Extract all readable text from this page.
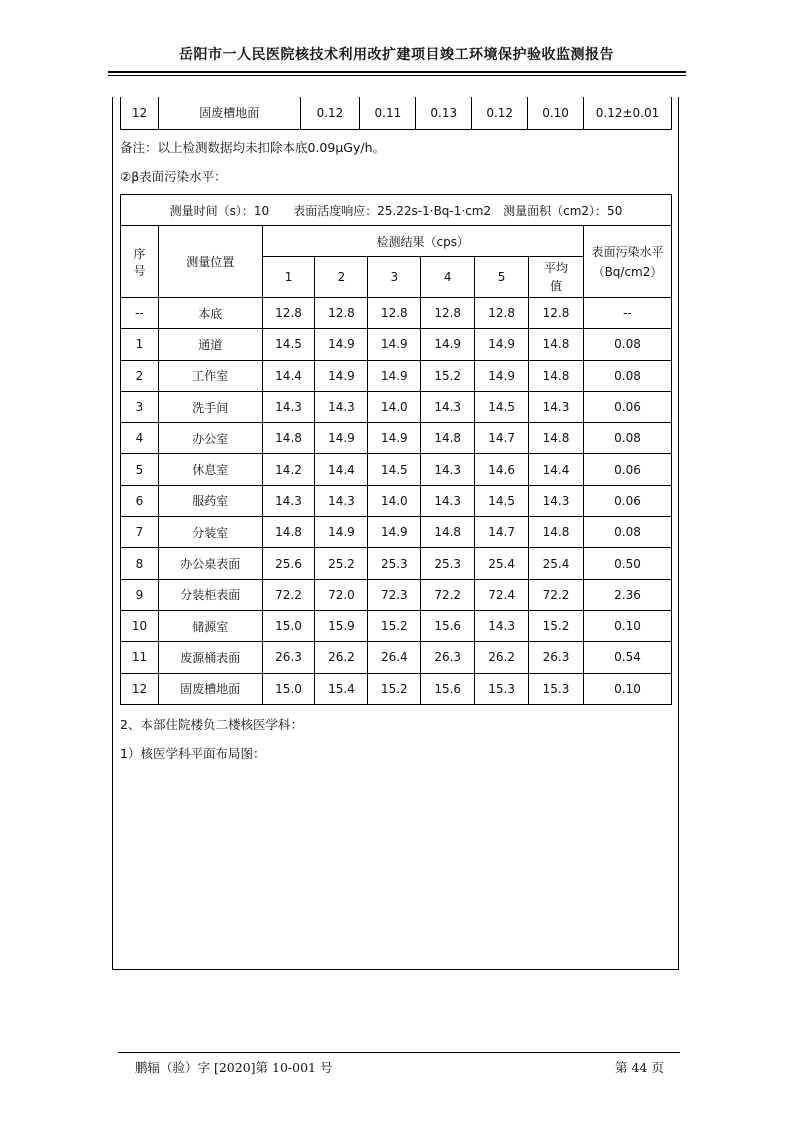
岳阳市一人民医院核技术利用改扩建项目竣工环境保护验收监测报告
12	固废槽地面	0.12	0.11	0.13	0.12	0.10	0.12±0.01
备注：以上检测数据均未扣除本底0.09μGy/h。
②β表面污染水平：
测量时间（s）：10　　表面活度响应：25.22s-1·Bq-1·cm2　测量面积（cm2）：50								
序号	测量位置	检测结果（cps）						表面污染水平（Bq/cm2）
		1	2	3	4	5	平均值	
--	本底	12.8	12.8	12.8	12.8	12.8	12.8	--
1	通道	14.5	14.9	14.9	14.9	14.9	14.8	0.08
2	工作室	14.4	14.9	14.9	15.2	14.9	14.8	0.08
3	洗手间	14.3	14.3	14.0	14.3	14.5	14.3	0.06
4	办公室	14.8	14.9	14.9	14.8	14.7	14.8	0.08
5	休息室	14.2	14.4	14.5	14.3	14.6	14.4	0.06
6	服药室	14.3	14.3	14.0	14.3	14.5	14.3	0.06
7	分装室	14.8	14.9	14.9	14.8	14.7	14.8	0.08
8	办公桌表面	25.6	25.2	25.3	25.3	25.4	25.4	0.50
9	分装柜表面	72.2	72.0	72.3	72.2	72.4	72.2	2.36
10	储源室	15.0	15.9	15.2	15.6	14.3	15.2	0.10
11	废源桶表面	26.3	26.2	26.4	26.3	26.2	26.3	0.54
12	固废槽地面	15.0	15.4	15.2	15.6	15.3	15.3	0.10
2、本部住院楼负二楼核医学科：
1）核医学科平面布局图：
鹏辐（验）字 [2020]第 10-001 号	第 44 页
